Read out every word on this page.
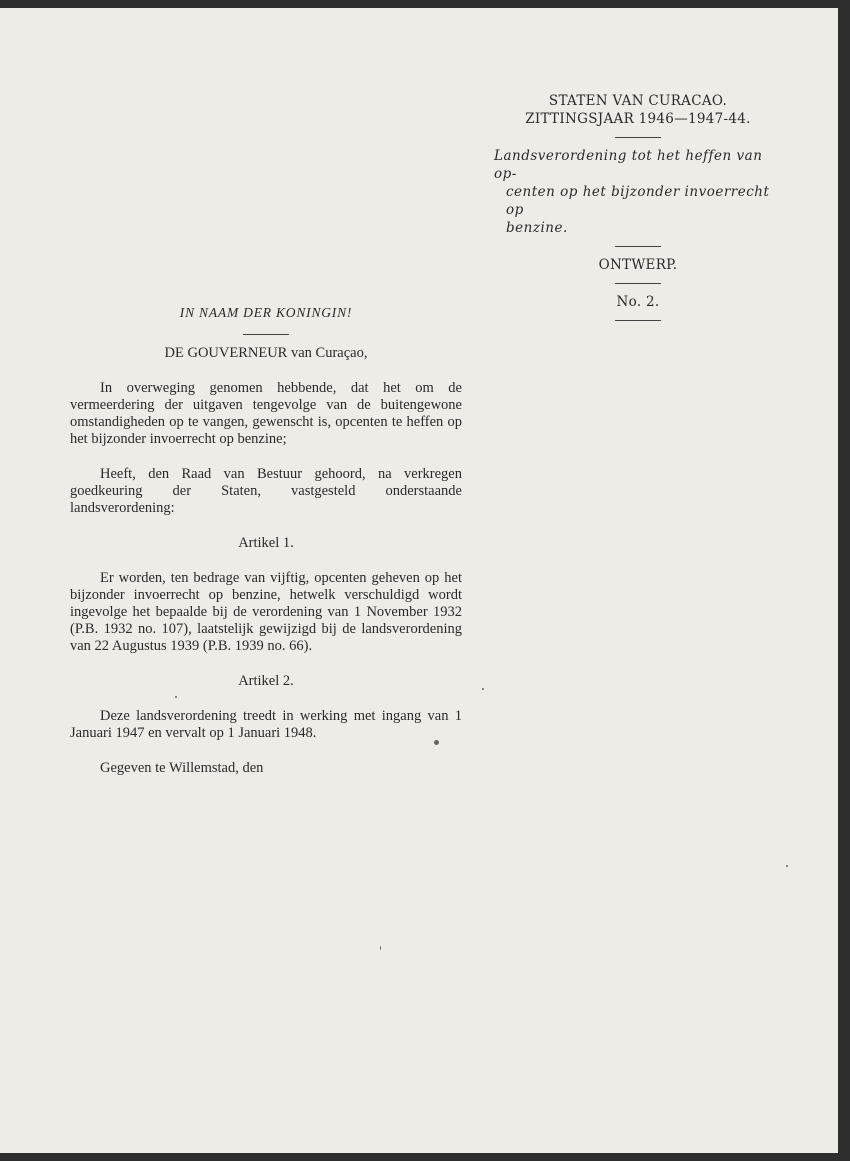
STATEN VAN CURACAO.
ZITTINGSJAAR 1946—1947-44.
Landsverordening tot het heffen van op-
centen op het bijzonder invoerrecht op
benzine.
ONTWERP.
No. 2.
IN NAAM DER KONINGIN!
DE GOUVERNEUR van Curaçao,

In overweging genomen hebbende, dat het om de vermeerdering der uitgaven tengevolge van de buitengewone omstandigheden op te vangen, gewenscht is, opcenten te heffen op het bijzonder invoerrecht op benzine;

Heeft, den Raad van Bestuur gehoord, na verkregen goedkeuring der Staten, vastgesteld onderstaande landsverordening:

Artikel 1.

Er worden, ten bedrage van vijftig, opcenten geheven op het bijzonder invoerrecht op benzine, hetwelk verschuldigd wordt ingevolge het bepaalde bij de verordening van 1 November 1932 (P.B. 1932 no. 107), laatstelijk gewijzigd bij de landsverordening van 22 Augustus 1939 (P.B. 1939 no. 66).

Artikel 2.

Deze landsverordening treedt in werking met ingang van 1 Januari 1947 en vervalt op 1 Januari 1948.

Gegeven te Willemstad, den
